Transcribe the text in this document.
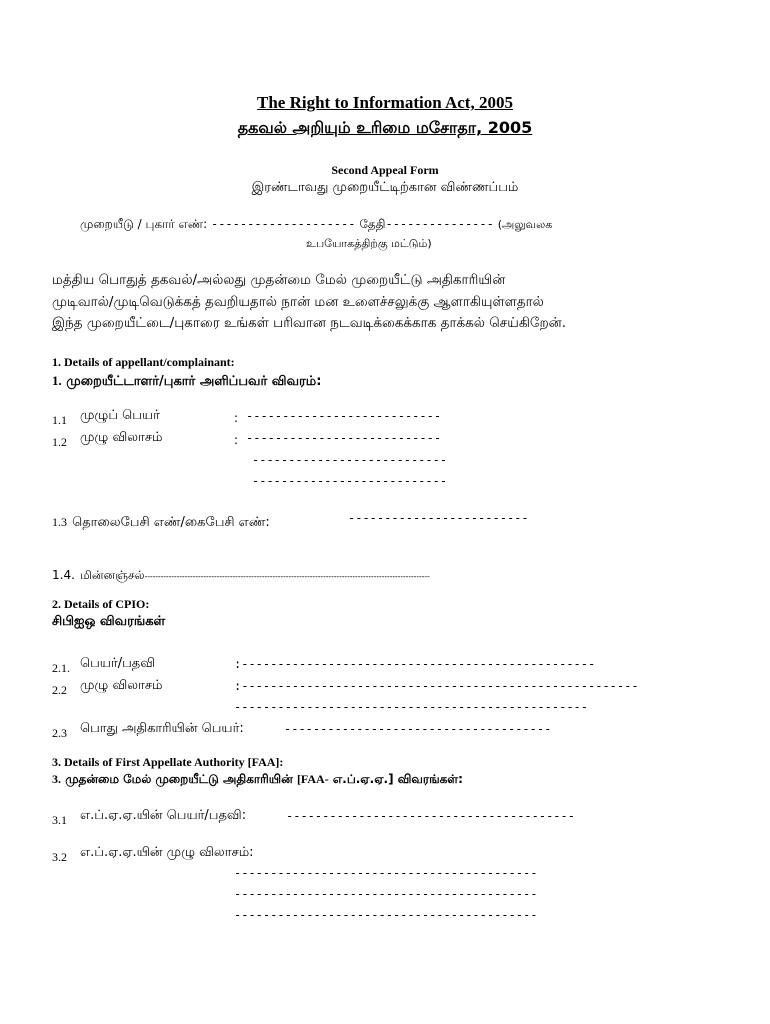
The Right to Information Act, 2005
தகவல் அறியும் உரிமை மசோதா, 2005
Second Appeal Form
இரண்டாவது முறையீட்டிற்கான விண்ணப்பம்
முறையீடு / புகார் எண்: -------------------- தேதி--------------- (அலுவலக
உபயோகத்திற்கு மட்டும்)
மத்திய பொதுத் தகவல்/அல்லது முதன்மை மேல் முறையீட்டு அதிகாரியின்
முடிவால்/முடிவெடுக்கத் தவறியதால் நான் மன உளைச்சலுக்கு ஆளாகியுள்ளதால்
இந்த முறையீட்டை/புகாரை உங்கள் பரிவான நடவடிக்கைக்காக தாக்கல் செய்கிறேன்.
1. Details of appellant/complainant:
1. முறையீட்டாளர்/புகார் அளிப்பவர் விவரம்:
1.1 முழுப் பெயர்	: ---------------------------
1.2 முழு விலாசம்	: ---------------------------
---------------------------
---------------------------
1.3 தொலைபேசி எண்/கைபேசி எண்:	-------------------------
1.4. மின்னஞ்சல்-----------------------------------------------------------------------------------------------------------
2. Details of CPIO:
சிபிஐஒ விவரங்கள்
2.1. பெயர்/பதவி	:-------------------------------------------------
2.2 முழு விலாசம்	:-------------------------------------------------------
-------------------------------------------------
2.3 பொது அதிகாரியின் பெயர்:	-------------------------------------
3. Details of First Appellate Authority [FAA]:
3. முதன்மை மேல் முறையீட்டு அதிகாரியின் [FAA- எ.ப்.ஏ.ஏ.] விவரங்கள்:
3.1 எ.ப்.ஏ.ஏ.யின் பெயர்/பதவி:	----------------------------------------
3.2 எ.ப்.ஏ.ஏ.யின் முழு விலாசம்:
------------------------------------------
------------------------------------------
------------------------------------------
